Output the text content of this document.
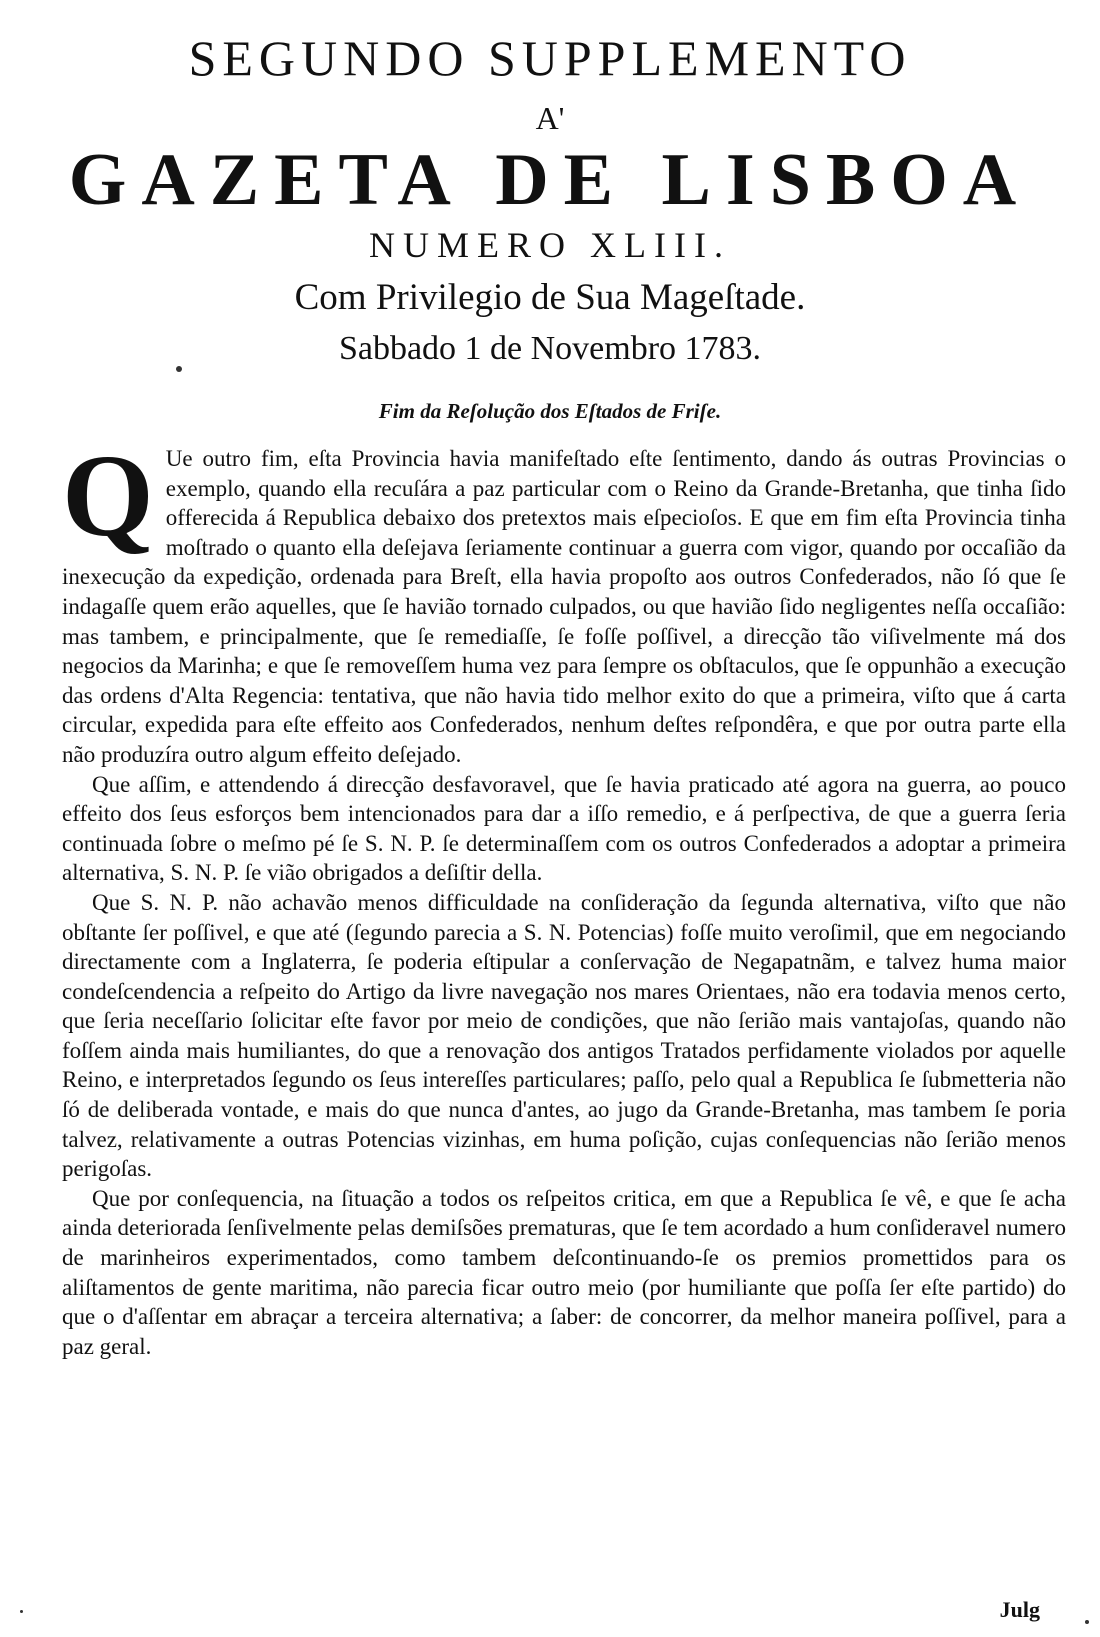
SEGUNDO SUPPLEMENTO
A'
GAZETA DE LISBOA
NUMERO XLIII.
Com Privilegio de Sua Mageſtade.
Sabbado 1 de Novembro 1783.
Fim da Reſolução dos Eſtados de Friſe.

Q Ue outro fim, eſta Provincia havia manifeſtado eſte ſentimento, dando ás outras Provincias o exemplo, quando ella recuſára a paz particular com o Reino da Grande-Bretanha, que tinha ſido offerecida á Republica debaixo dos pretextos mais eſpecioſos. E que em fim eſta Provincia tinha moſtrado o quanto ella deſejava ſeriamente continuar a guerra com vigor, quando por occaſião da inexecução da expedição, ordenada para Breſt, ella havia propoſto aos outros Confederados, não ſó que ſe indagaſſe quem erão aquelles, que ſe havião tornado culpados, ou que havião ſido negligentes neſſa occaſião: mas tambem, e principalmente, que ſe remediaſſe, ſe foſſe poſſivel, a direcção tão viſivelmente má dos negocios da Marinha; e que ſe removeſſem huma vez para ſempre os obſtaculos, que ſe oppunhão a execução das ordens d'Alta Regencia: tentativa, que não havia tido melhor exito do que a primeira, viſto que á carta circular, expedida para eſte effeito aos Confederados, nenhum deſtes reſpondêra, e que por outra parte ella não produzíra outro algum effeito deſejado.

Que aſſim, e attendendo á direcção desfavoravel, que ſe havia praticado até agora na guerra, ao pouco effeito dos ſeus esforços bem intencionados para dar a iſſo remedio, e á perſpectiva, de que a guerra ſeria continuada ſobre o meſmo pé ſe S. N. P. ſe determinaſſem com os outros Confederados a adoptar a primeira alternativa, S. N. P. ſe vião obrigados a deſiſtir della.

Que S. N. P. não achavão menos difficuldade na conſideração da ſegunda alternativa, viſto que não obſtante ſer poſſivel, e que até (ſegundo parecia a S. N. Potencias) foſſe muito veroſimil, que em negociando directamente com a Inglaterra, ſe poderia eſtipular a conſervação de Negapatnãm, e talvez huma maior condeſcendencia a reſpeito do Artigo da livre navegação nos mares Orientaes, não era todavia menos certo, que ſeria neceſſario ſolicitar eſte favor por meio de condições, que não ſerião mais vantajoſas, quando não foſſem ainda mais humiliantes, do que a renovação dos antigos Tratados perfidamente violados por aquelle Reino, e interpretados ſegundo os ſeus intereſſes particulares; paſſo, pelo qual a Republica ſe ſubmetteria não ſó de deliberada vontade, e mais do que nunca d'antes, ao jugo da Grande-Bretanha, mas tambem ſe poria talvez, relativamente a outras Potencias vizinhas, em huma poſição, cujas conſequencias não ſerião menos perigoſas.

Que por conſequencia, na ſituação a todos os reſpeitos critica, em que a Republica ſe vê, e que ſe acha ainda deteriorada ſenſivelmente pelas demiſsões prematuras, que ſe tem acordado a hum conſideravel numero de marinheiros experimentados, como tambem deſcontinuando-ſe os premios promettidos para os aliſtamentos de gente maritima, não parecia ficar outro meio (por humiliante que poſſa ſer eſte partido) do que o d'aſſentar em abraçar a terceira alternativa; a ſaber: de concorrer, da melhor maneira poſſivel, para a paz geral.

Julg
